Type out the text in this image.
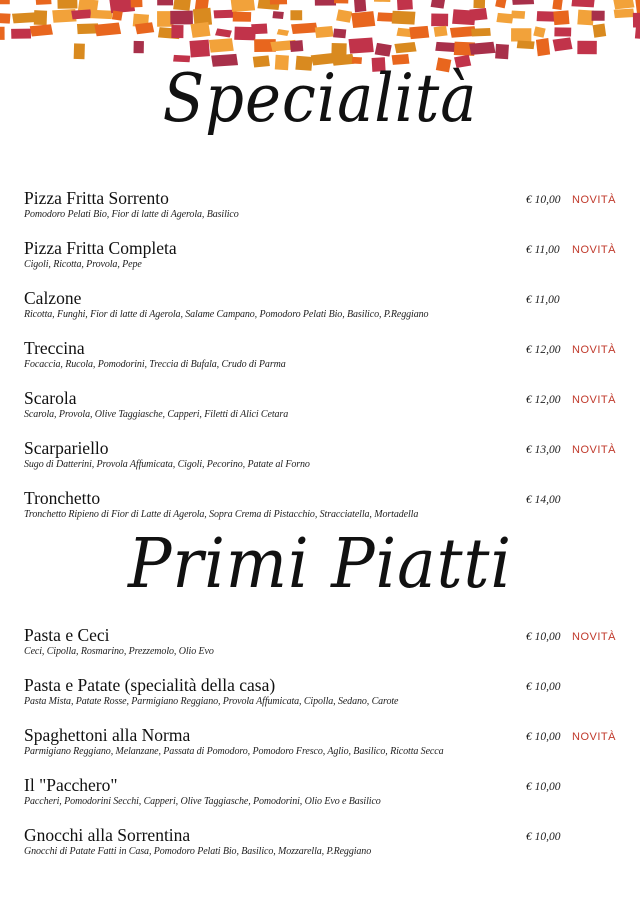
Specialità
Pizza Fritta Sorrento
Pomodoro Pelati Bio, Fior di latte di Agerola, Basilico
€ 10,00 NOVITÀ
Pizza Fritta Completa
Cigoli, Ricotta, Provola, Pepe
€ 11,00 NOVITÀ
Calzone
Ricotta, Funghi, Fior di latte di Agerola, Salame Campano, Pomodoro Pelati Bio, Basilico, P.Reggiano
€ 11,00
Treccina
Focaccia, Rucola, Pomodorini, Treccia di Bufala, Crudo di Parma
€ 12,00 NOVITÀ
Scarola
Scarola, Provola, Olive Taggiasche, Capperi, Filetti di Alici Cetara
€ 12,00 NOVITÀ
Scarpariello
Sugo di Datterini, Provola Affumicata, Cigoli, Pecorino, Patate al Forno
€ 13,00 NOVITÀ
Tronchetto
Tronchetto Ripieno di Fior di Latte di Agerola, Sopra Crema di Pistacchio, Stracciatella, Mortadella
€ 14,00
Primi Piatti
Pasta e Ceci
Ceci, Cipolla, Rosmarino, Prezzemolo, Olio Evo
€ 10,00 NOVITÀ
Pasta e Patate (specialità della casa)
Pasta Mista, Patate Rosse, Parmigiano Reggiano, Provola Affumicata, Cipolla, Sedano, Carote
€ 10,00
Spaghettoni alla Norma
Parmigiano Reggiano, Melanzane, Passata di Pomodoro, Pomodoro Fresco, Aglio, Basilico, Ricotta Secca
€ 10,00 NOVITÀ
Il "Pacchero"
Paccheri, Pomodorini Secchi, Capperi, Olive Taggiasche, Pomodorini, Olio Evo e Basilico
€ 10,00
Gnocchi alla Sorrentina
Gnocchi di Patate Fatti in Casa, Pomodoro Pelati Bio, Basilico, Mozzarella, P.Reggiano
€ 10,00
